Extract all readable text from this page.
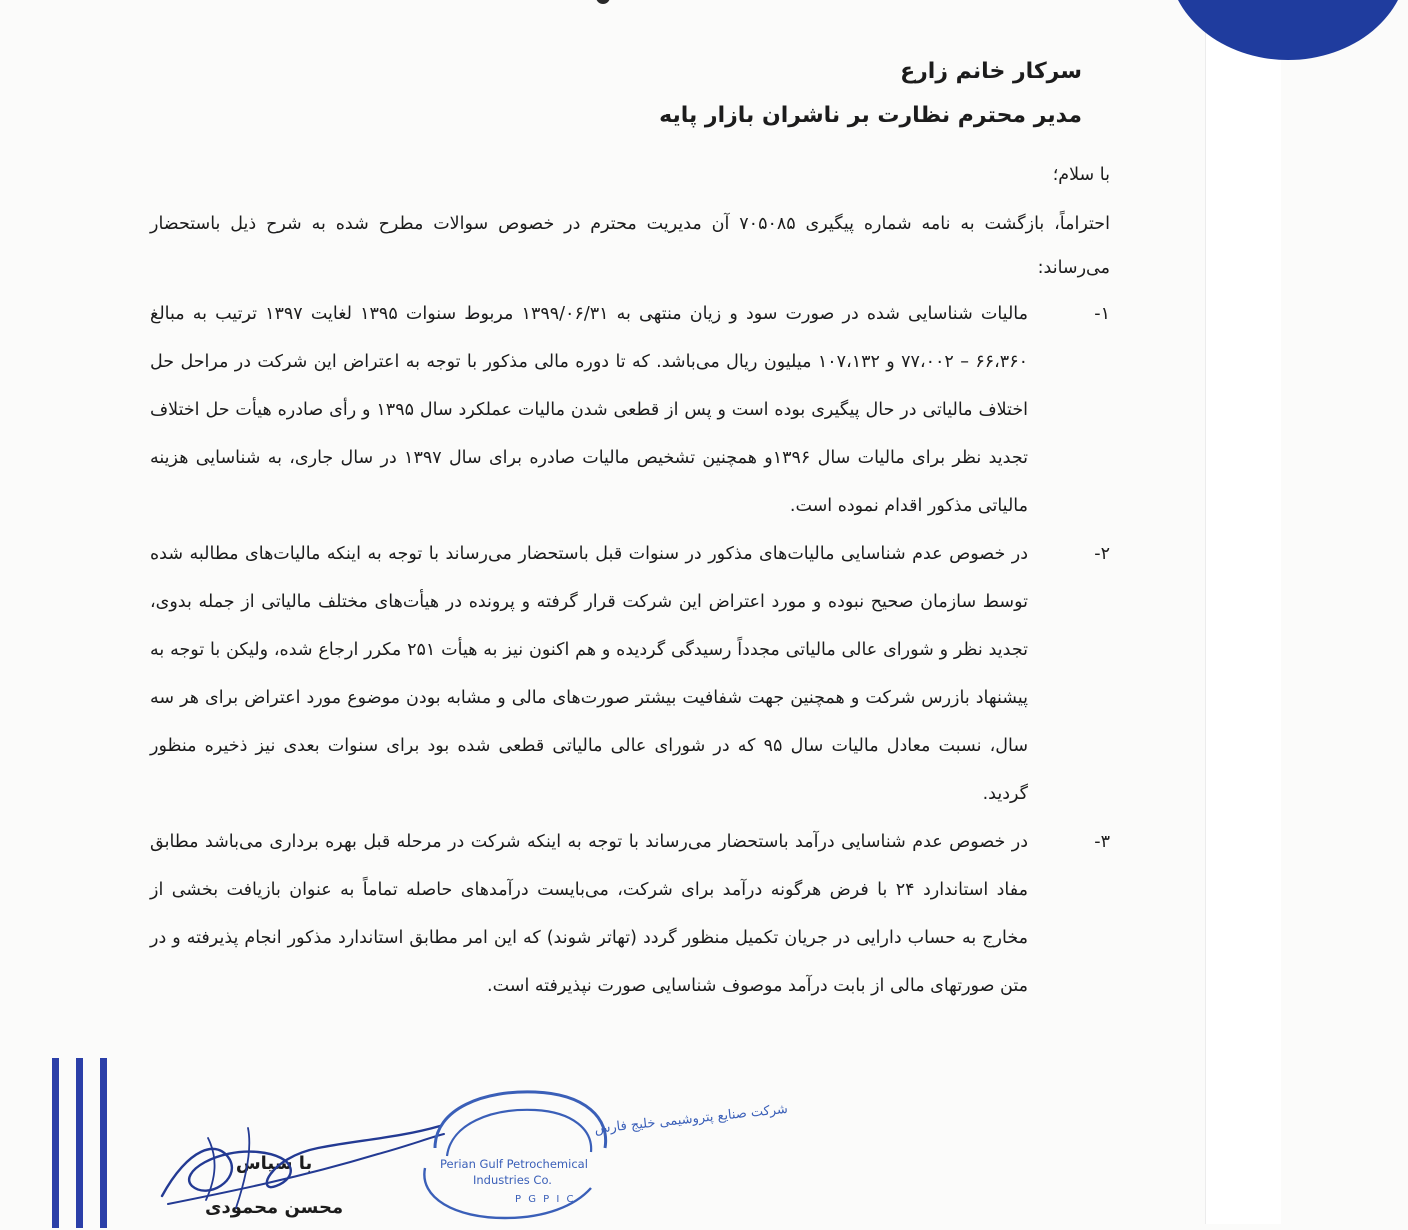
سرکار خانم زارع
مدیر محترم نظارت بر ناشران بازار پایه
با سلام؛
احتراماً، بازگشت به نامه شماره پیگیری ۷۰۵۰۸۵ آن مدیریت محترم در خصوص سوالات مطرح شده به شرح ذیل باستحضار می‌رساند:
۱-
مالیات شناسایی شده در صورت سود و زیان منتهی به ۱۳۹۹/۰۶/۳۱ مربوط سنوات ۱۳۹۵ لغایت ۱۳۹۷ ترتیب به مبالغ ۶۶،۳۶۰ – ۷۷،۰۰۲ و ۱۰۷،۱۳۲ میلیون ریال می‌باشد. که تا دوره مالی مذکور با توجه به اعتراض این شرکت در مراحل حل اختلاف مالیاتی در حال پیگیری بوده است و پس از قطعی شدن مالیات عملکرد سال ۱۳۹۵ و رأی صادره هیأت حل اختلاف تجدید نظر برای مالیات سال ۱۳۹۶و همچنین تشخیص مالیات صادره برای سال ۱۳۹۷ در سال جاری، به شناسایی هزینه مالیاتی مذکور اقدام نموده است.
۲-
در خصوص عدم شناسایی مالیات‌های مذکور در سنوات قبل باستحضار می‌رساند با توجه به اینکه مالیات‌های مطالبه شده توسط سازمان صحیح نبوده و مورد اعتراض این شرکت قرار گرفته و پرونده در هیأت‌های مختلف مالیاتی از جمله بدوی، تجدید نظر و شورای عالی مالیاتی مجدداً رسیدگی گردیده و هم اکنون نیز به هیأت ۲۵۱ مکرر ارجاع شده، ولیکن با توجه به پیشنهاد بازرس شرکت و همچنین جهت شفافیت بیشتر صورت‌های مالی و مشابه بودن موضوع مورد اعتراض برای هر سه سال، نسبت معادل مالیات سال ۹۵ که در شورای عالی مالیاتی قطعی شده بود برای سنوات بعدی نیز ذخیره منظور گردید.
۳-
در خصوص عدم شناسایی درآمد باستحضار می‌رساند با توجه به اینکه شرکت در مرحله قبل بهره برداری می‌باشد مطابق مفاد استاندارد ۲۴ با فرض هرگونه درآمد برای شرکت، می‌بایست درآمدهای حاصله تماماً به عنوان بازیافت بخشی از مخارج به حساب دارایی در جریان تکمیل منظور گردد (تهاتر شوند) که این امر مطابق استاندارد مذکور انجام پذیرفته و در متن صورتهای مالی از بابت درآمد موصوف شناسایی صورت نپذیرفته است.
با سپاس
محسن محمودی
شرکت صنایع پتروشیمی خلیج فارس
Perian Gulf Petrochemical
Industries Co.
P G P I C
